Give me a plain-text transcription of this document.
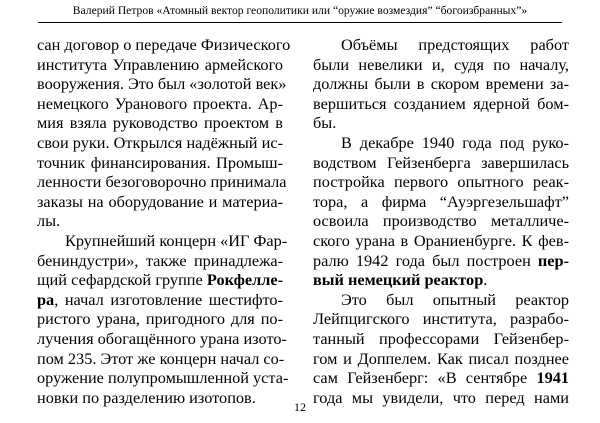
Валерий Петров «Атомный вектор геополитики или “оружие возмездия” “богоизбранных”»
сан договор о передаче Физического
института Управлению армейского
вооружения. Это был «золотой век»
немецкого Уранового проекта. Ар-
мия взяла руководство проектом в
свои руки. Открылся надёжный ис-
точник финансирования. Промыш-
ленности безоговорочно принимала
заказы на оборудование и материа-
лы.
Крупнейший концерн «ИГ Фар-
бениндустри», также принадлежа-
щий сефардской группе Рокфелле-
ра, начал изготовление шестифто-
ристого урана, пригодного для по-
лучения обогащённого урана изото-
пом 235. Этот же концерн начал со-
оружение полупромышленной уста-
новки по разделению изотопов.
Объёмы предстоящих работ
были невелики и, судя по началу,
должны были в скором времени за-
вершиться созданием ядерной бом-
бы.
В декабре 1940 года под руко-
водством Гейзенберга завершилась
постройка первого опытного реак-
тора, а фирма “Ауэргезельшафт”
освоила производство металличе-
ского урана в Ораниенбурге. К фев-
ралю 1942 года был построен пер-
вый немецкий реактор.
Это был опытный реактор
Лейпцигского института, разрабо-
танный профессорами Гейзенбер-
гом и Доппелем. Как писал позднее
сам Гейзенберг: «В сентябре 1941
года мы увидели, что перед нами
12
